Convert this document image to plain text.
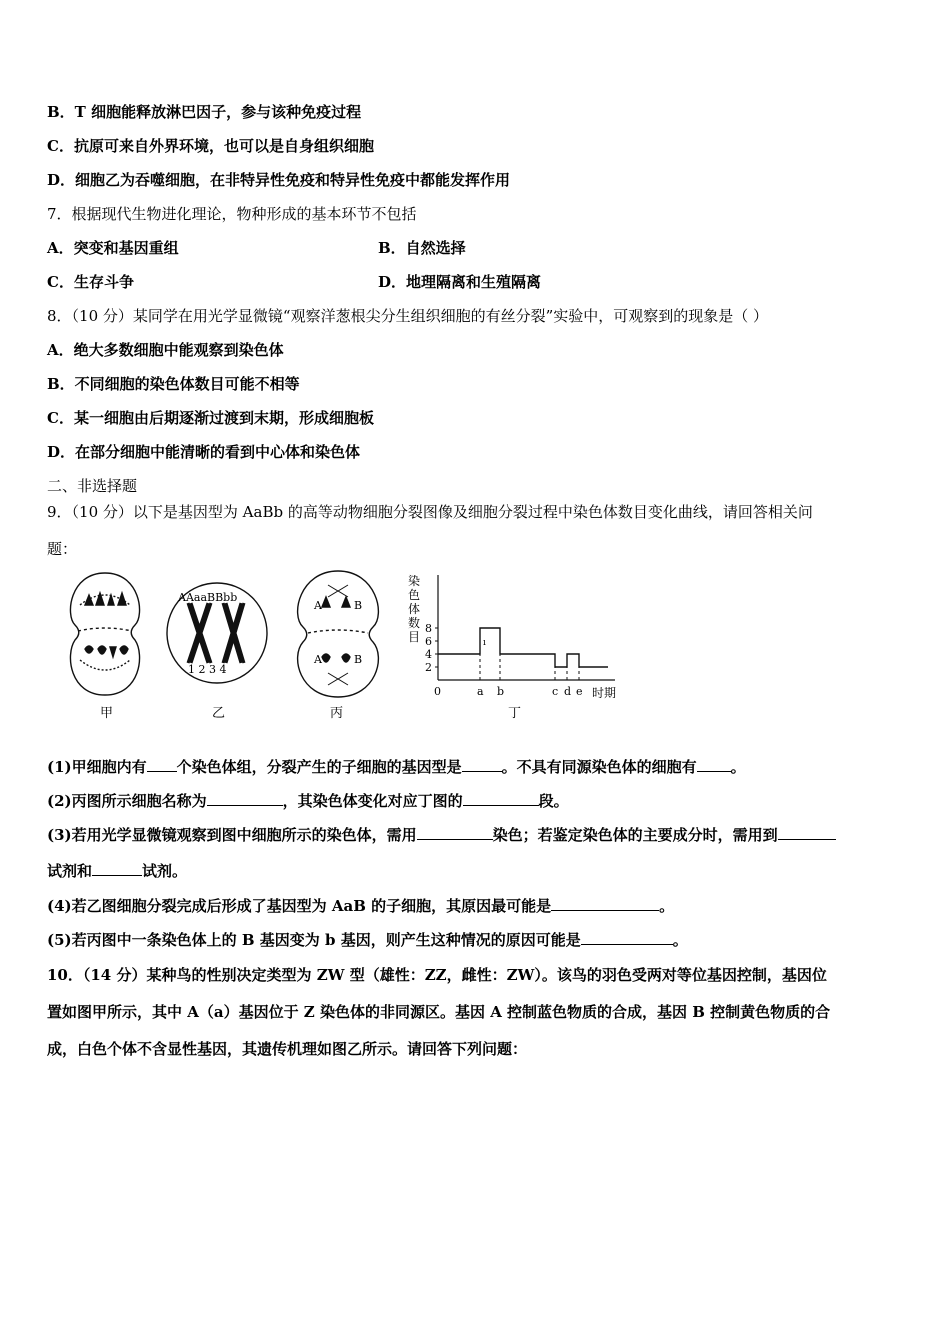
B．T 细胞能释放淋巴因子，参与该种免疫过程
C．抗原可来自外界环境，也可以是自身组织细胞
D．细胞乙为吞噬细胞，在非特异性免疫和特异性免疫中都能发挥作用
7．根据现代生物进化理论，物种形成的基本环节不包括
A．突变和基因重组	B．自然选择
C．生存斗争	D．地理隔离和生殖隔离
8．（10 分）某同学在用光学显微镜“观察洋葱根尖分生组织细胞的有丝分裂”实验中，可观察到的现象是（ ）
A．绝大多数细胞中能观察到染色体
B．不同细胞的染色体数目可能不相等
C．某一细胞由后期逐渐过渡到末期，形成细胞板
D．在部分细胞中能清晰的看到中心体和染色体
二、非选择题
9．（10 分）以下是基因型为 AaBb 的高等动物细胞分裂图像及细胞分裂过程中染色体数目变化曲线，请回答相关问
题：
甲
AAaaBBbb
1 2 3 4
乙
A	B
A	B
丙
染
色
体
数
目
2
4
6
8
0	a b	c d e 时期
ı
丁
(1)甲细胞内有 个染色体组，分裂产生的子细胞的基因型是	。不具有同源染色体的细胞有 。
(2)丙图所示细胞名称为	，其染色体变化对应丁图的	段。
(3)若用光学显微镜观察到图中细胞所示的染色体，需用	染色；若鉴定染色体的主要成分时，需用到
试剂和	试剂。
(4)若乙图细胞分裂完成后形成了基因型为 AaB 的子细胞，其原因最可能是	。
(5)若丙图中一条染色体上的 B 基因变为 b 基因，则产生这种情况的原因可能是	。
10．（14 分）某种鸟的性别决定类型为 ZW 型（雄性：ZZ，雌性：ZW）。该鸟的羽色受两对等位基因控制，基因位
置如图甲所示，其中 A（a）基因位于 Z 染色体的非同源区。基因 A 控制蓝色物质的合成，基因 B 控制黄色物质的合
成，白色个体不含显性基因，其遗传机理如图乙所示。请回答下列问题：
